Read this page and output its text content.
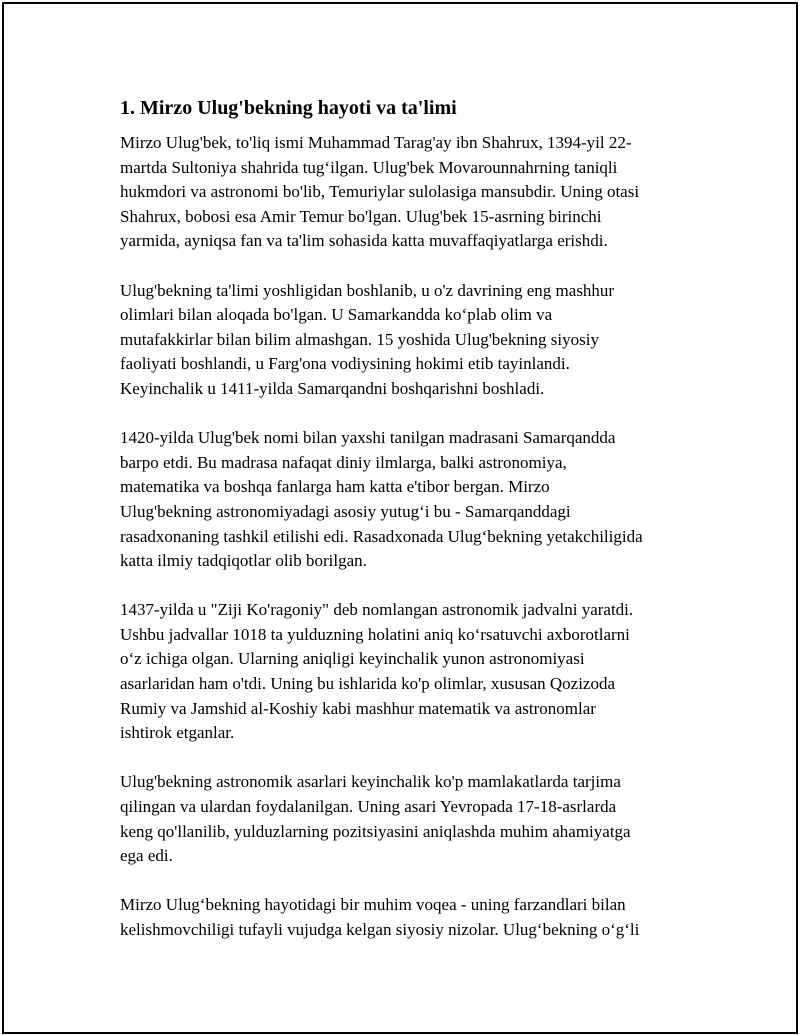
1. Mirzo Ulug'bekning hayoti va ta'limi
Mirzo Ulug'bek, to'liq ismi Muhammad Tarag'ay ibn Shahrux, 1394-yil 22-
martda Sultoniya shahrida tug‘ilgan. Ulug'bek Movarounnahrning taniqli
hukmdori va astronomi bo'lib, Temuriylar sulolasiga mansubdir. Uning otasi
Shahrux, bobosi esa Amir Temur bo'lgan. Ulug'bek 15-asrning birinchi
yarmida, ayniqsa fan va ta'lim sohasida katta muvaffaqiyatlarga erishdi.
Ulug'bekning ta'limi yoshligidan boshlanib, u o'z davrining eng mashhur
olimlari bilan aloqada bo'lgan. U Samarkandda ko‘plab olim va
mutafakkirlar bilan bilim almashgan. 15 yoshida Ulug'bekning siyosiy
faoliyati boshlandi, u Farg'ona vodiysining hokimi etib tayinlandi.
Keyinchalik u 1411-yilda Samarqandni boshqarishni boshladi.
1420-yilda Ulug'bek nomi bilan yaxshi tanilgan madrasani Samarqandda
barpo etdi. Bu madrasa nafaqat diniy ilmlarga, balki astronomiya,
matematika va boshqa fanlarga ham katta e'tibor bergan. Mirzo
Ulug'bekning astronomiyadagi asosiy yutug‘i bu - Samarqanddagi
rasadxonaning tashkil etilishi edi. Rasadxonada Ulug‘bekning yetakchiligida
katta ilmiy tadqiqotlar olib borilgan.
1437-yilda u "Ziji Ko'ragoniy" deb nomlangan astronomik jadvalni yaratdi.
Ushbu jadvallar 1018 ta yulduzning holatini aniq ko‘rsatuvchi axborotlarni
o‘z ichiga olgan. Ularning aniqligi keyinchalik yunon astronomiyasi
asarlaridan ham o'tdi. Uning bu ishlarida ko'p olimlar, xususan Qozizoda
Rumiy va Jamshid al-Koshiy kabi mashhur matematik va astronomlar
ishtirok etganlar.
Ulug'bekning astronomik asarlari keyinchalik ko'p mamlakatlarda tarjima
qilingan va ulardan foydalanilgan. Uning asari Yevropada 17-18-asrlarda
keng qo'llanilib, yulduzlarning pozitsiyasini aniqlashda muhim ahamiyatga
ega edi.
Mirzo Ulug‘bekning hayotidagi bir muhim voqea - uning farzandlari bilan
kelishmovchiligi tufayli vujudga kelgan siyosiy nizolar. Ulug‘bekning o‘g‘li
